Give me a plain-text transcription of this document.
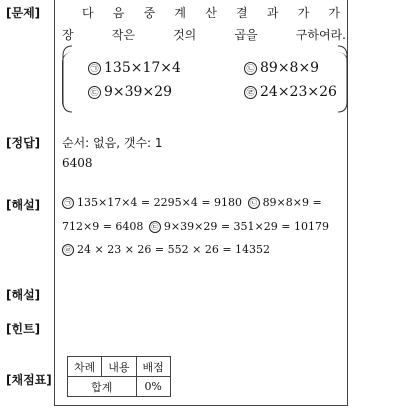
[문제]
[정답]
[해설]
[해설]
[힌트]
[채점표]
다 음 중 계 산 결 과 가 가
장	작은	것의	곱을	구하여라.
㉠ 135×17×4	㉡ 89×8×9
㉢ 9×39×29	㉣ 24×23×26
순서: 없음, 갯수: 1
6408
㉠ 135×17×4 = 2295×4 = 9180 ㉡ 89×8×9 =
712×9 = 6408 ㉢ 9×39×29 = 351×29 = 10179
㉣ 24 × 23 × 26 = 552 × 26 = 14352
차례	내용	배점
합계		0%
